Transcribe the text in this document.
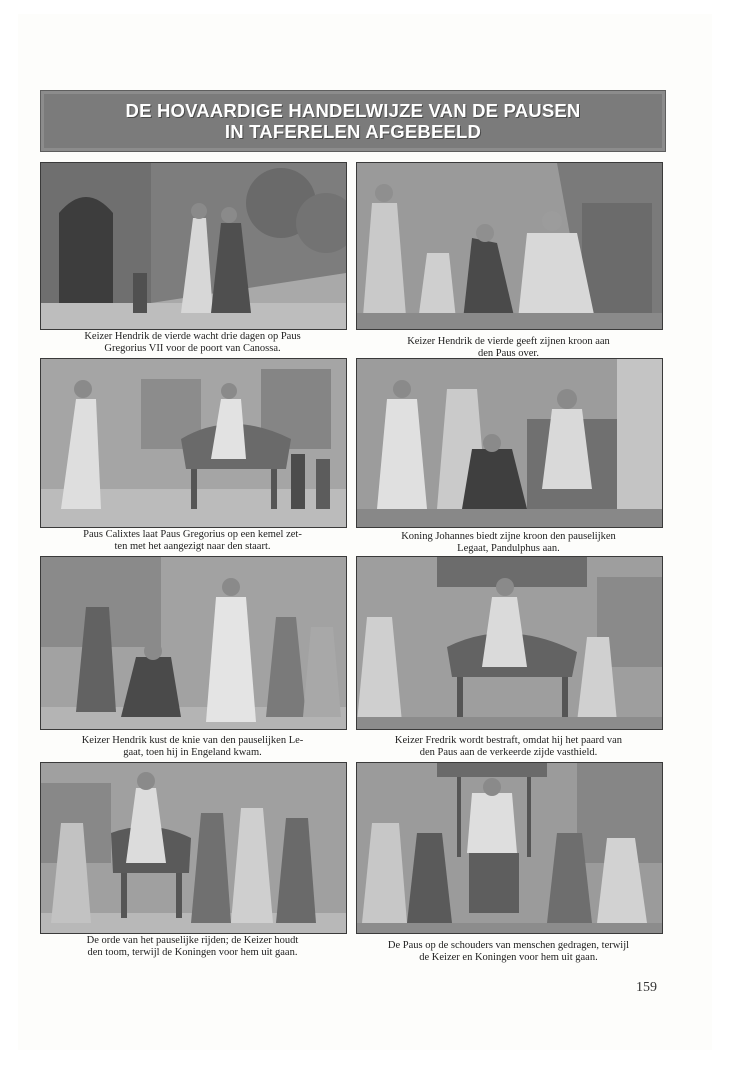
DE HOVAARDIGE HANDELWIJZE VAN DE PAUSEN
IN TAFERELEN AFGEBEELD
Keizer Hendrik de vierde wacht drie dagen op Paus
Gregorius VII voor de poort van Canossa.
Keizer Hendrik de vierde geeft zijnen kroon aan
den Paus over.
Paus Calixtes laat Paus Gregorius op een kemel zet-
ten met het aangezigt naar den staart.
Koning Johannes biedt zijne kroon den pauselijken
Legaat, Pandulphus aan.
Keizer Hendrik kust de knie van den pauselijken Le-
gaat, toen hij in Engeland kwam.
Keizer Fredrik wordt bestraft, omdat hij het paard van
den Paus aan de verkeerde zijde vasthield.
De orde van het pauselijke rijden; de Keizer houdt
den toom, terwijl de Koningen voor hem uit gaan.
De Paus op de schouders van menschen gedragen, terwijl
de Keizer en Koningen voor hem uit gaan.
159
